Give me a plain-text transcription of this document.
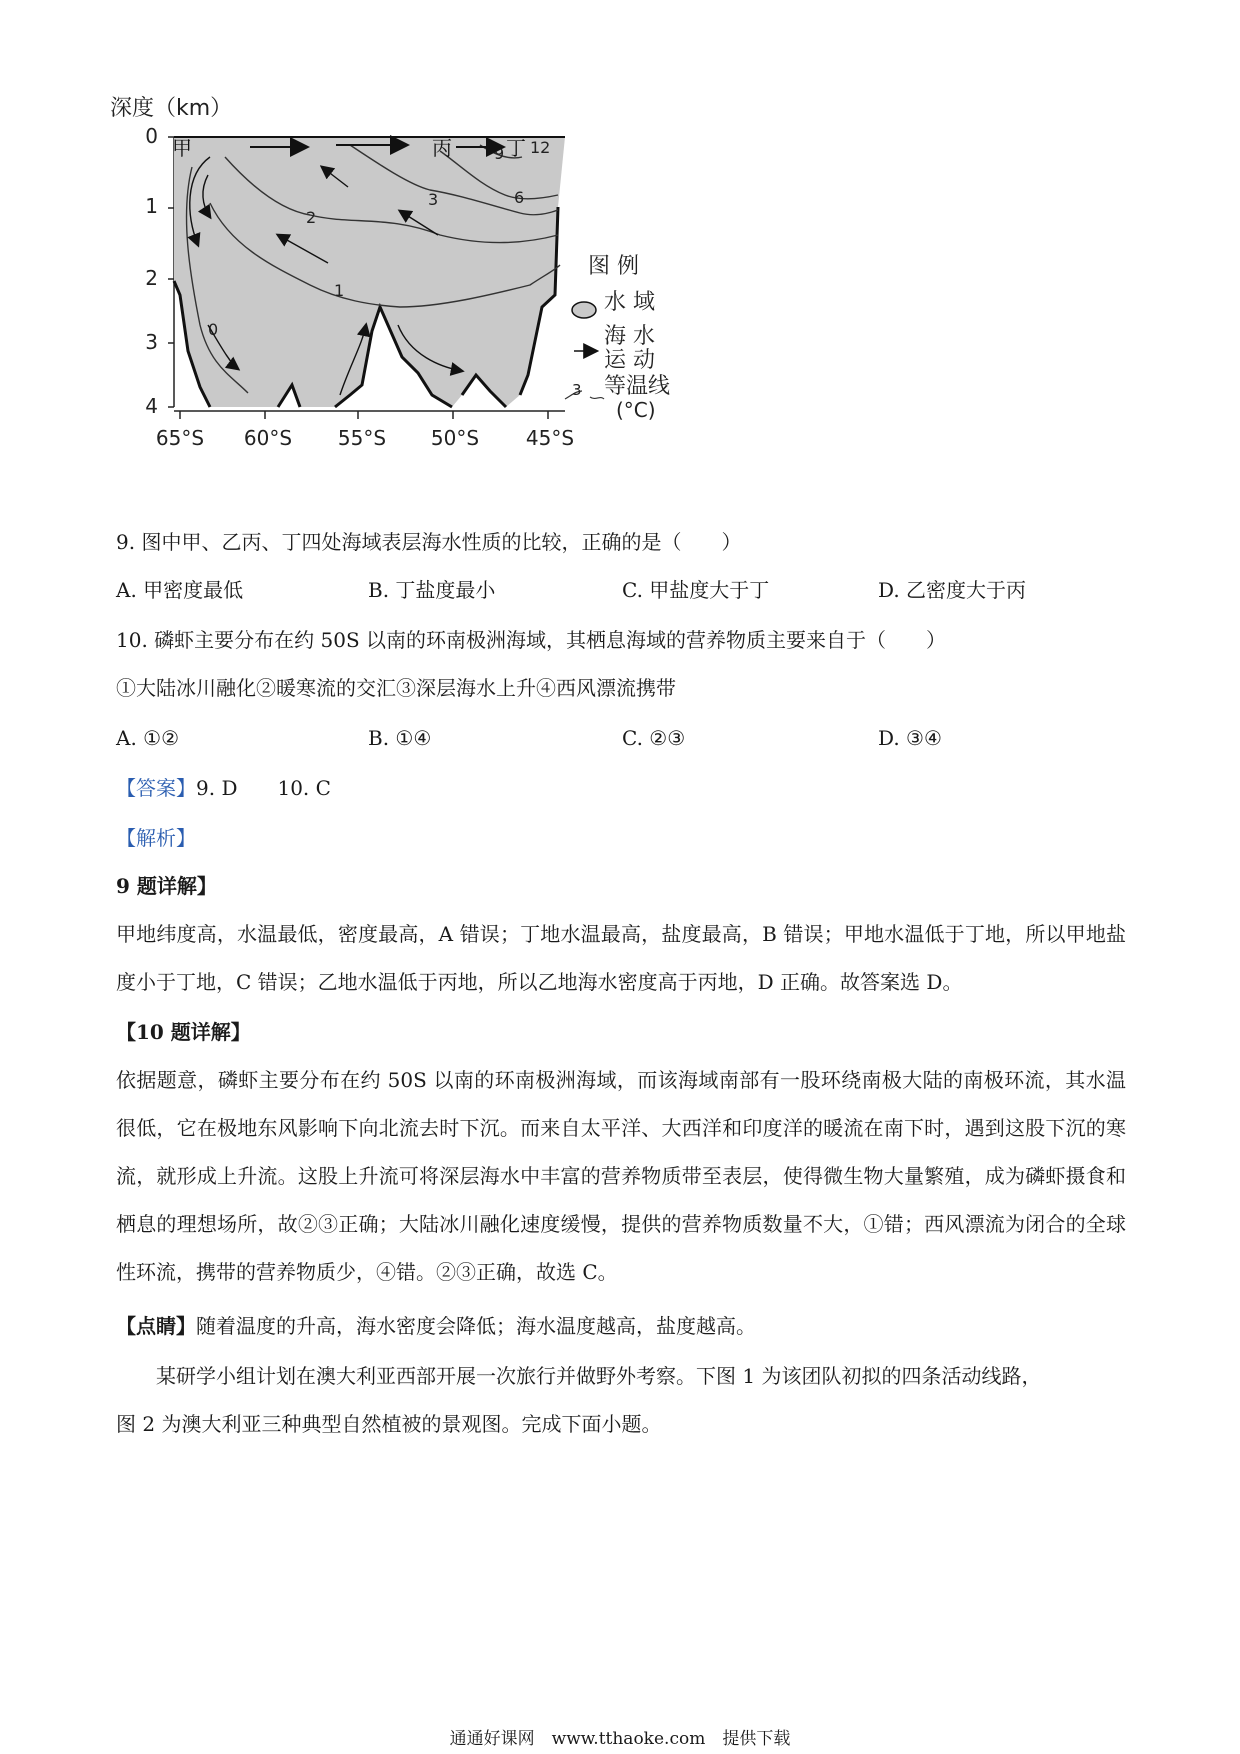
深度（km）
0
1
2
3
4
65°S 60°S 55°S 50°S 45°S
0
1
2
3	6
9 12
甲	丙	丁
图 例
水 域
海 水
运 动
3 等温线
(°C)
9. 图中甲、乙丙、丁四处海域表层海水性质的比较，正确的是（　　）
A. 甲密度最低	B. 丁盐度最小	C. 甲盐度大于丁	D. 乙密度大于丙
10. 磷虾主要分布在约 50S 以南的环南极洲海域，其栖息海域的营养物质主要来自于（　　）
①大陆冰川融化②暖寒流的交汇③深层海水上升④西风漂流携带
A. ①②	B. ①④	C. ②③	D. ③④
【答案】9. D　　10. C
【解析】
9 题详解】
甲地纬度高，水温最低，密度最高，A 错误；丁地水温最高，盐度最高，B 错误；甲地水温低于丁地，所以甲地盐度小于丁地，C 错误；乙地水温低于丙地，所以乙地海水密度高于丙地，D 正确。故答案选 D。
【10 题详解】
依据题意，磷虾主要分布在约 50S 以南的环南极洲海域，而该海域南部有一股环绕南极大陆的南极环流，其水温很低，它在极地东风影响下向北流去时下沉。而来自太平洋、大西洋和印度洋的暖流在南下时，遇到这股下沉的寒流，就形成上升流。这股上升流可将深层海水中丰富的营养物质带至表层，使得微生物大量繁殖，成为磷虾摄食和栖息的理想场所，故②③正确；大陆冰川融化速度缓慢，提供的营养物质数量不大，①错；西风漂流为闭合的全球性环流，携带的营养物质少，④错。②③正确，故选 C。
【点睛】随着温度的升高，海水密度会降低；海水温度越高，盐度越高。
某研学小组计划在澳大利亚西部开展一次旅行并做野外考察。下图 1 为该团队初拟的四条活动线路，
图 2 为澳大利亚三种典型自然植被的景观图。完成下面小题。
通通好课网　www.tthaoke.com　提供下载
